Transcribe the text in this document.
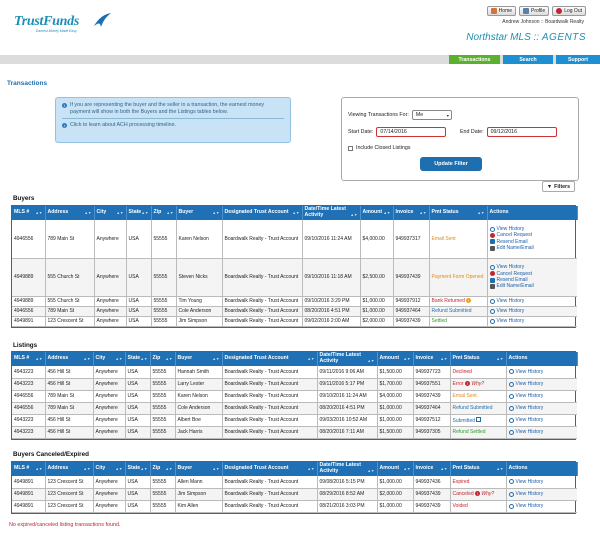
TrustFunds
Earnest Money Made Easy
Home	Profile	Log Out
Andrew Johnson :: Boardwalk Realty
Northstar MLS :: AGENTS
Transactions	Search	Support
Transactions
i If you are representing the buyer and the seller in a transaction, the earnest money payment will show in both the Buyers and the Listings tables below.
i Click to learn about ACH processing timeline.
Viewing Transactions For: Me	▾
Start Date:	07/14/2016	End Date:	09/12/2016
Include Closed Listings
Update Filter
▼ Filters
Buyers
MLS # ▲▼	Address ▲▼	City ▲▼	State ▲▼	Zip ▲▼	Buyer ▲▼	Designated Trust Account ▲▼	Date/Time Latest Activity ▲▼	Amount ▲▼	Invoice ▲▼	Pmt Status ▲▼	Actions
4946556	789 Main St	Anywhere	USA	55555	Karen Nelson	Boardwalk Realty - Trust Account	09/10/2016 11:24 AM	$4,000.00	949937317	Email Sent	View History
Cancel Request
Resend Email
Edit Name/Email

4949889	555 Church St	Anywhere	USA	55555	Steven Nicks	Boardwalk Realty - Trust Account	09/10/2016 11:18 AM	$2,500.00	949937439	Payment Form Opened	View History
Cancel Request
Resend Email
Edit Name/Email

4949889	555 Church St	Anywhere	USA	55555	Tim Young	Boardwalk Realty - Trust Account	09/10/2016 3:29 PM	$1,000.00	949937912	Bank Returned !	View History

4946556	789 Main St	Anywhere	USA	55555	Cole Anderson	Boardwalk Realty - Trust Account	08/20/2016 4:51 PM	$1,000.00	949937464	Refund Submitted	View History

4949891	123 Crescent St	Anywhere	USA	55555	Jim Simpson	Boardwalk Realty - Trust Account	09/02/2016 2:00 AM	$2,000.00	949937439	Settled	View History
Listings
MLS # ▲▼	Address ▲▼	City ▲▼	State ▲▼	Zip ▲▼	Buyer ▲▼	Designated Trust Account ▲▼	Date/Time Latest Activity ▲▼	Amount ▲▼	Invoice ▲▼	Pmt Status ▲▼	Actions
4943223	456 Hill St	Anywhere	USA	55555	Hannah Smith	Boardwalk Realty - Trust Account	09/11/2016 9:06 AM	$1,500.00	949937723	Declined	View History

4943223	456 Hill St	Anywhere	USA	55555	Larry Lester	Boardwalk Realty - Trust Account	09/11/2016 5:17 PM	$1,700.00	949937551	Error ! Why?	View History

4946556	789 Main St	Anywhere	USA	55555	Karen Nelson	Boardwalk Realty - Trust Account	09/10/2016 11:24 AM	$4,000.00	949937439	Email Sent	View History

4946556	789 Main St	Anywhere	USA	55555	Cole Anderson	Boardwalk Realty - Trust Account	08/20/2016 4:51 PM	$1,000.00	949937464	Refund Submitted	View History

4943223	456 Hill St	Anywhere	USA	55555	Albert Boe	Boardwalk Realty - Trust Account	09/03/2016 10:52 AM	$1,000.00	949937512	Submitted	View History

4943223	456 Hill St	Anywhere	USA	55555	Jack Harris	Boardwalk Realty - Trust Account	08/20/2016 7:11 AM	$1,500.00	949937305	Refund Settled	View History
Buyers Canceled/Expired
MLS # ▲▼	Address ▲▼	City ▲▼	State ▲▼	Zip ▲▼	Buyer ▲▼	Designated Trust Account ▲▼	Date/Time Latest Activity ▲▼	Amount ▲▼	Invoice ▲▼	Pmt Status ▲▼	Actions
4949891	123 Crescent St	Anywhere	USA	55555	Allen Mann	Boardwalk Realty - Trust Account	09/08/2016 5:15 PM	$1,000.00	949937436	Expired	View History

4949891	123 Crescent St	Anywhere	USA	55555	Jim Simpson	Boardwalk Realty - Trust Account	08/29/2016 8:52 AM	$2,000.00	949937439	Canceled ! Why?	View History

4949891	123 Crescent St	Anywhere	USA	55555	Kim Allen	Boardwalk Realty - Trust Account	08/21/2016 3:03 PM	$1,000.00	949937439	Voided	View History
No expired/canceled listing transactions found.
